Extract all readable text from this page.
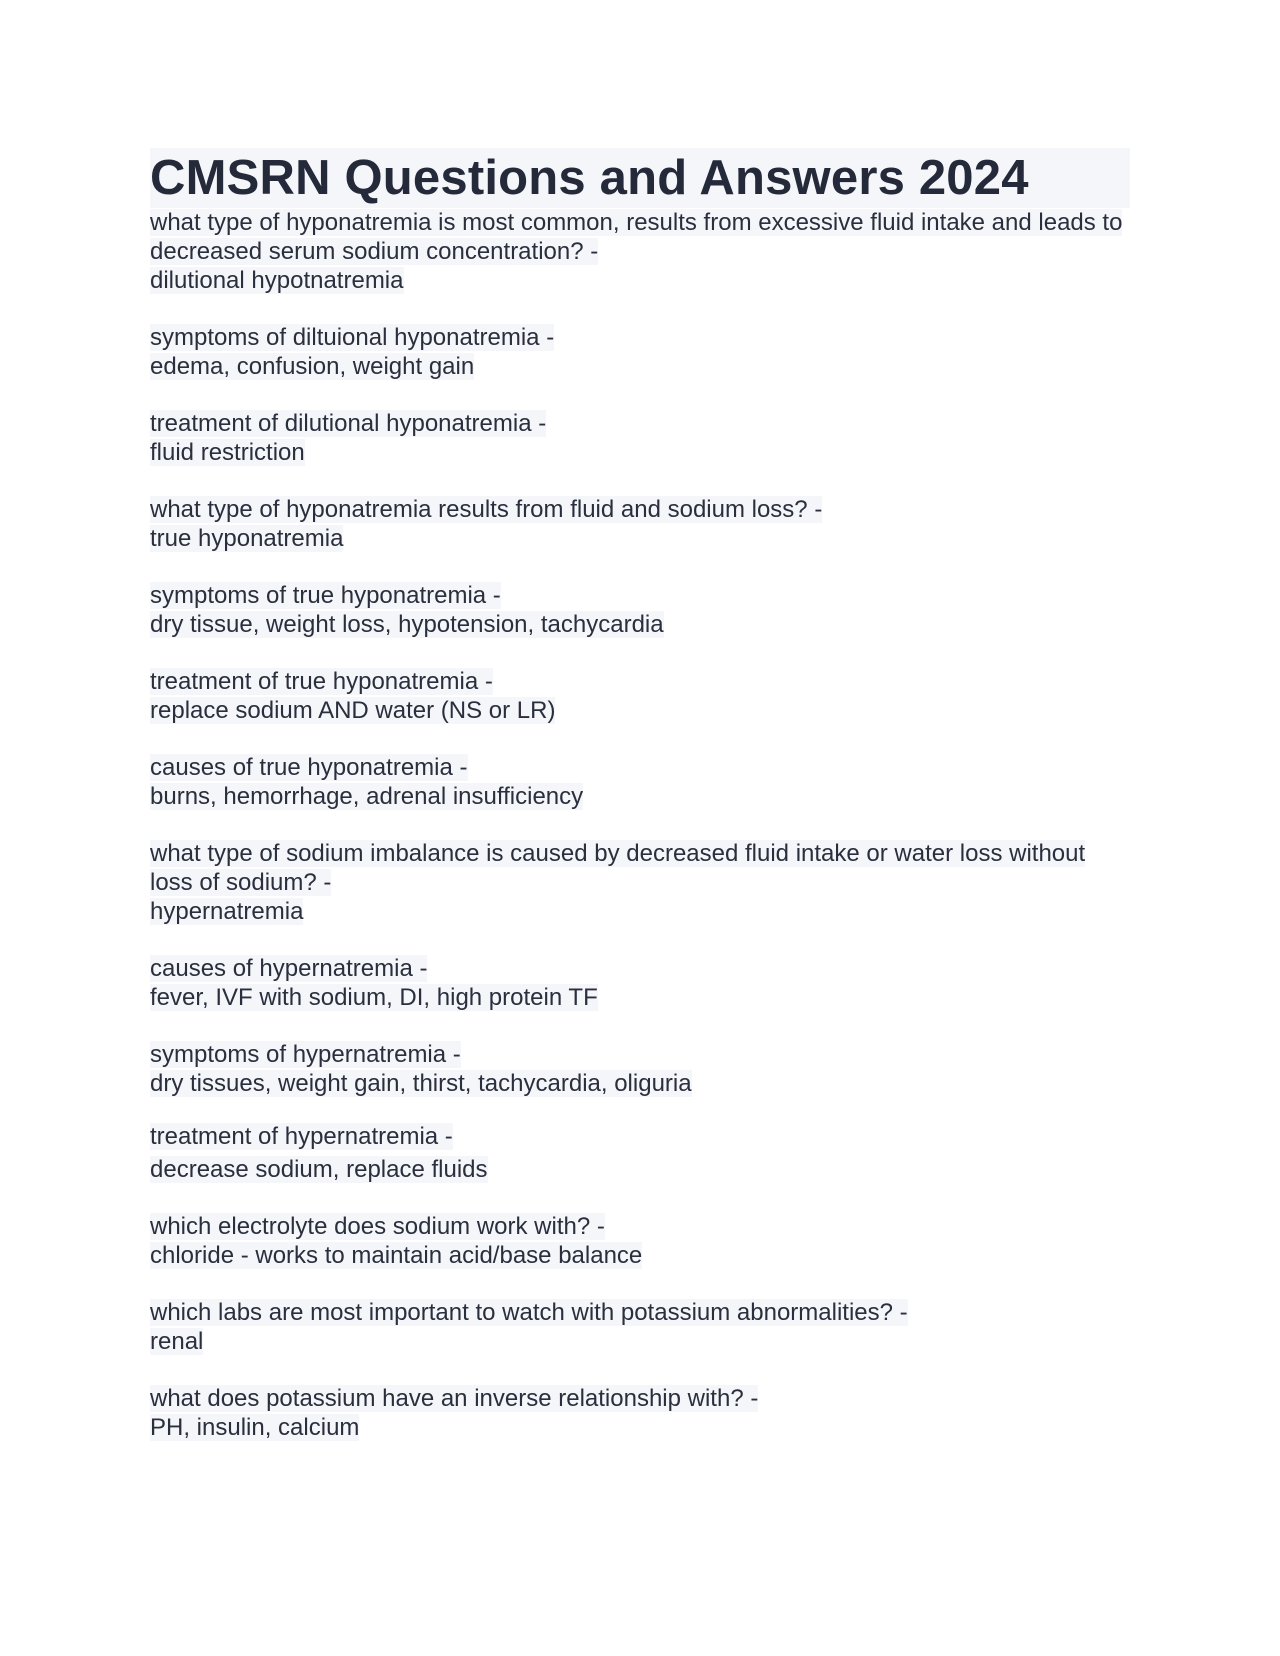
CMSRN Questions and Answers 2024
what type of hyponatremia is most common, results from excessive fluid intake and leads to decreased serum sodium concentration? -
dilutional hypotnatremia
symptoms of diltuional hyponatremia -
edema, confusion, weight gain
treatment of dilutional hyponatremia -
fluid restriction
what type of hyponatremia results from fluid and sodium loss? -
true hyponatremia
symptoms of true hyponatremia -
dry tissue, weight loss, hypotension, tachycardia
treatment of true hyponatremia -
replace sodium AND water (NS or LR)
causes of true hyponatremia -
burns, hemorrhage, adrenal insufficiency
what type of sodium imbalance is caused by decreased fluid intake or water loss without loss of sodium? -
hypernatremia
causes of hypernatremia -
fever, IVF with sodium, DI, high protein TF
symptoms of hypernatremia -
dry tissues, weight gain, thirst, tachycardia, oliguria
treatment of hypernatremia -
decrease sodium, replace fluids
which electrolyte does sodium work with? -
chloride - works to maintain acid/base balance
which labs are most important to watch with potassium abnormalities? -
renal
what does potassium have an inverse relationship with? -
PH, insulin, calcium
